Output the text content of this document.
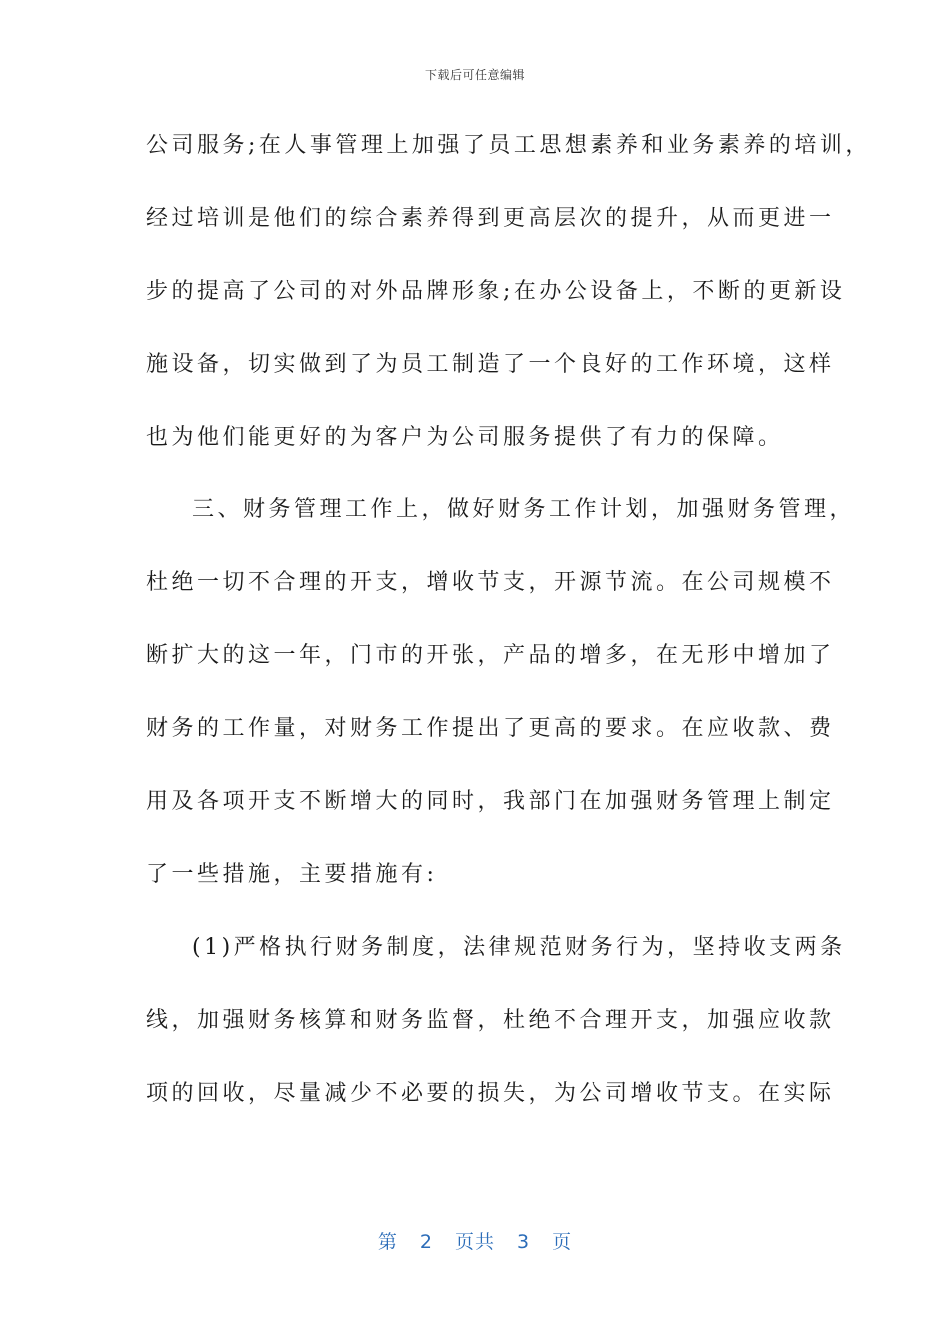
下载后可任意编辑
公司服务;在人事管理上加强了员工思想素养和业务素养的培训，
经过培训是他们的综合素养得到更高层次的提升，从而更进一
步的提高了公司的对外品牌形象;在办公设备上，不断的更新设
施设备，切实做到了为员工制造了一个良好的工作环境，这样
也为他们能更好的为客户为公司服务提供了有力的保障。
三、财务管理工作上，做好财务工作计划，加强财务管理，
杜绝一切不合理的开支，增收节支，开源节流。在公司规模不
断扩大的这一年，门市的开张，产品的增多，在无形中增加了
财务的工作量，对财务工作提出了更高的要求。在应收款、费
用及各项开支不断增大的同时，我部门在加强财务管理上制定
了一些措施，主要措施有:
(1)严格执行财务制度，法律规范财务行为，坚持收支两条
线，加强财务核算和财务监督，杜绝不合理开支，加强应收款
项的回收，尽量减少不必要的损失，为公司增收节支。在实际
第 2 页共 3 页
